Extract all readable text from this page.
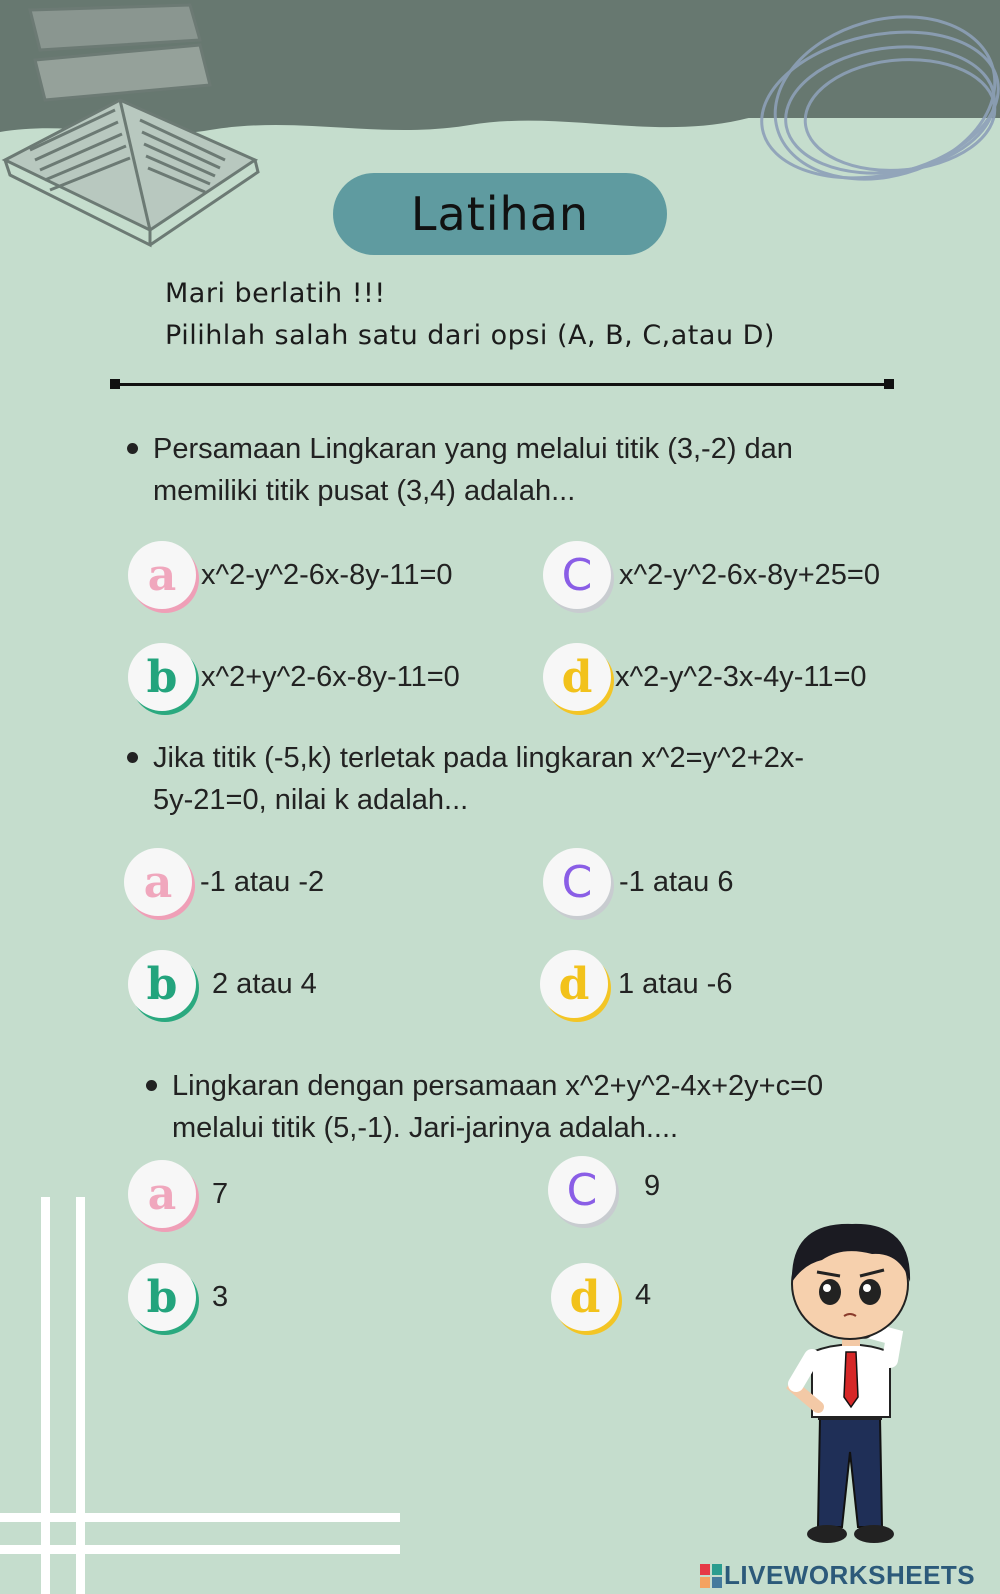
Latihan
Mari berlatih !!!
Pilihlah salah satu dari opsi (A, B, C,atau D)
Persamaan Lingkaran yang melalui titik (3,-2) dan
memiliki titik pusat (3,4) adalah...
a x^2-y^2-6x-8y-11=0
b x^2+y^2-6x-8y-11=0
C x^2-y^2-6x-8y+25=0
d x^2-y^2-3x-4y-11=0
Jika titik (-5,k) terletak pada lingkaran x^2=y^2+2x-
5y-21=0, nilai k adalah...
a -1 atau -2
b	2 atau 4
C -1 atau 6
d 1 atau -6
Lingkaran dengan persamaan x^2+y^2-4x+2y+c=0
melalui titik (5,-1). Jari-jarinya adalah....
a	7
b	3
C	9
d	4
LIVEWORKSHEETS
